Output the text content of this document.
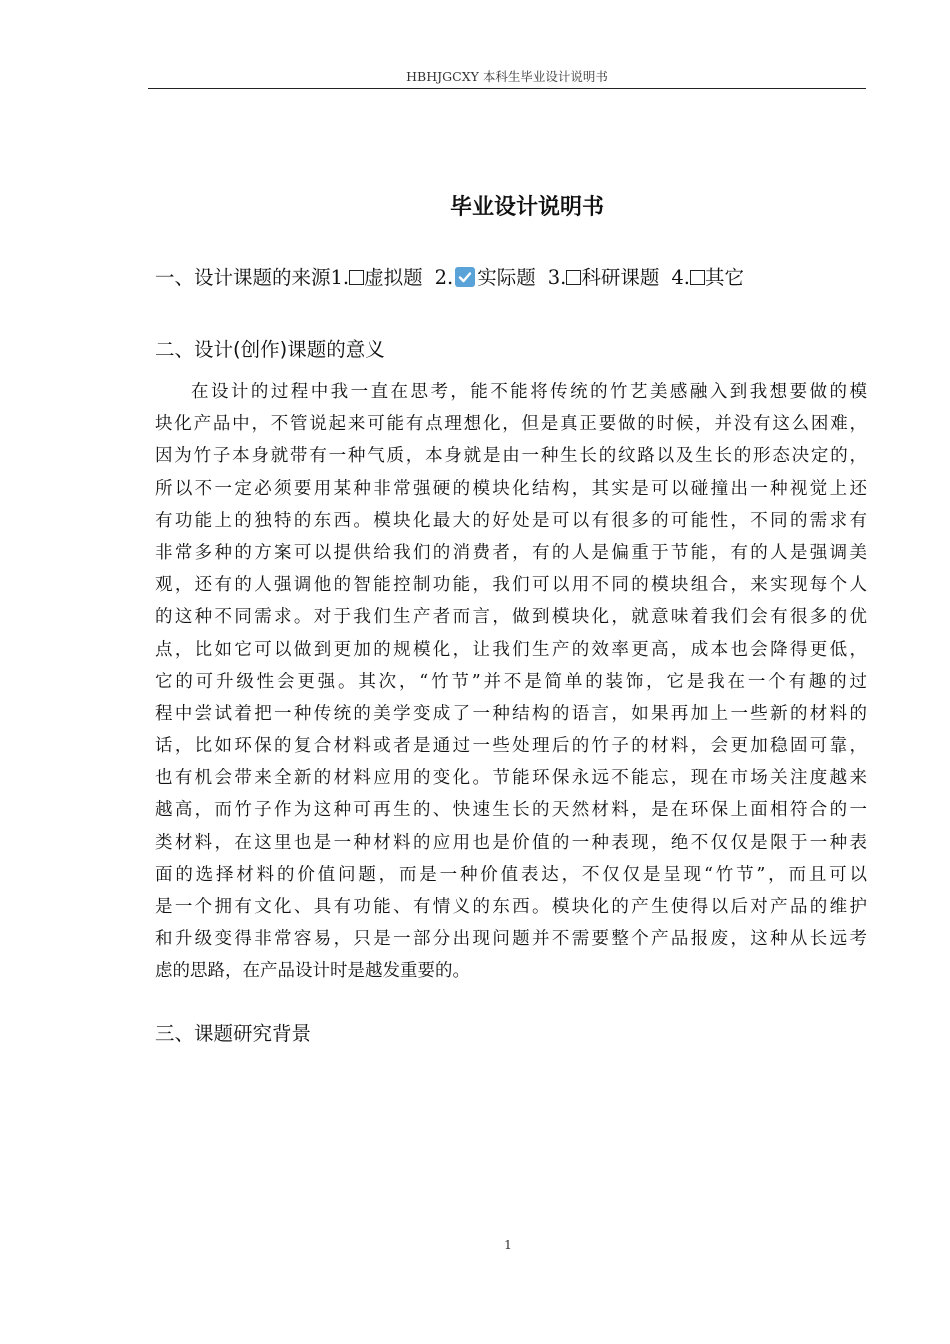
HBHJGCXY 本科生毕业设计说明书
毕业设计说明书
一、设计课题的来源1. 虚拟题 2. 实际题 3. 科研课题 4. 其它
二、设计(创作)课题的意义
在设计的过程中我一直在思考，能不能将传统的竹艺美感融入到我想要做的模
块化产品中，不管说起来可能有点理想化，但是真正要做的时候，并没有这么困难，
因为竹子本身就带有一种气质，本身就是由一种生长的纹路以及生长的形态决定的，
所以不一定必须要用某种非常强硬的模块化结构，其实是可以碰撞出一种视觉上还
有功能上的独特的东西。模块化最大的好处是可以有很多的可能性，不同的需求有
非常多种的方案可以提供给我们的消费者，有的人是偏重于节能，有的人是强调美
观，还有的人强调他的智能控制功能，我们可以用不同的模块组合，来实现每个人
的这种不同需求。对于我们生产者而言，做到模块化，就意味着我们会有很多的优
点，比如它可以做到更加的规模化，让我们生产的效率更高，成本也会降得更低，
它的可升级性会更强。其次，“竹节”并不是简单的装饰，它是我在一个有趣的过
程中尝试着把一种传统的美学变成了一种结构的语言，如果再加上一些新的材料的
话，比如环保的复合材料或者是通过一些处理后的竹子的材料，会更加稳固可靠，
也有机会带来全新的材料应用的变化。节能环保永远不能忘，现在市场关注度越来
越高，而竹子作为这种可再生的、快速生长的天然材料，是在环保上面相符合的一
类材料，在这里也是一种材料的应用也是价值的一种表现，绝不仅仅是限于一种表
面的选择材料的价值问题，而是一种价值表达，不仅仅是呈现“竹节”，而且可以
是一个拥有文化、具有功能、有情义的东西。模块化的产生使得以后对产品的维护
和升级变得非常容易，只是一部分出现问题并不需要整个产品报废，这种从长远考
虑的思路，在产品设计时是越发重要的。
三、课题研究背景
1
